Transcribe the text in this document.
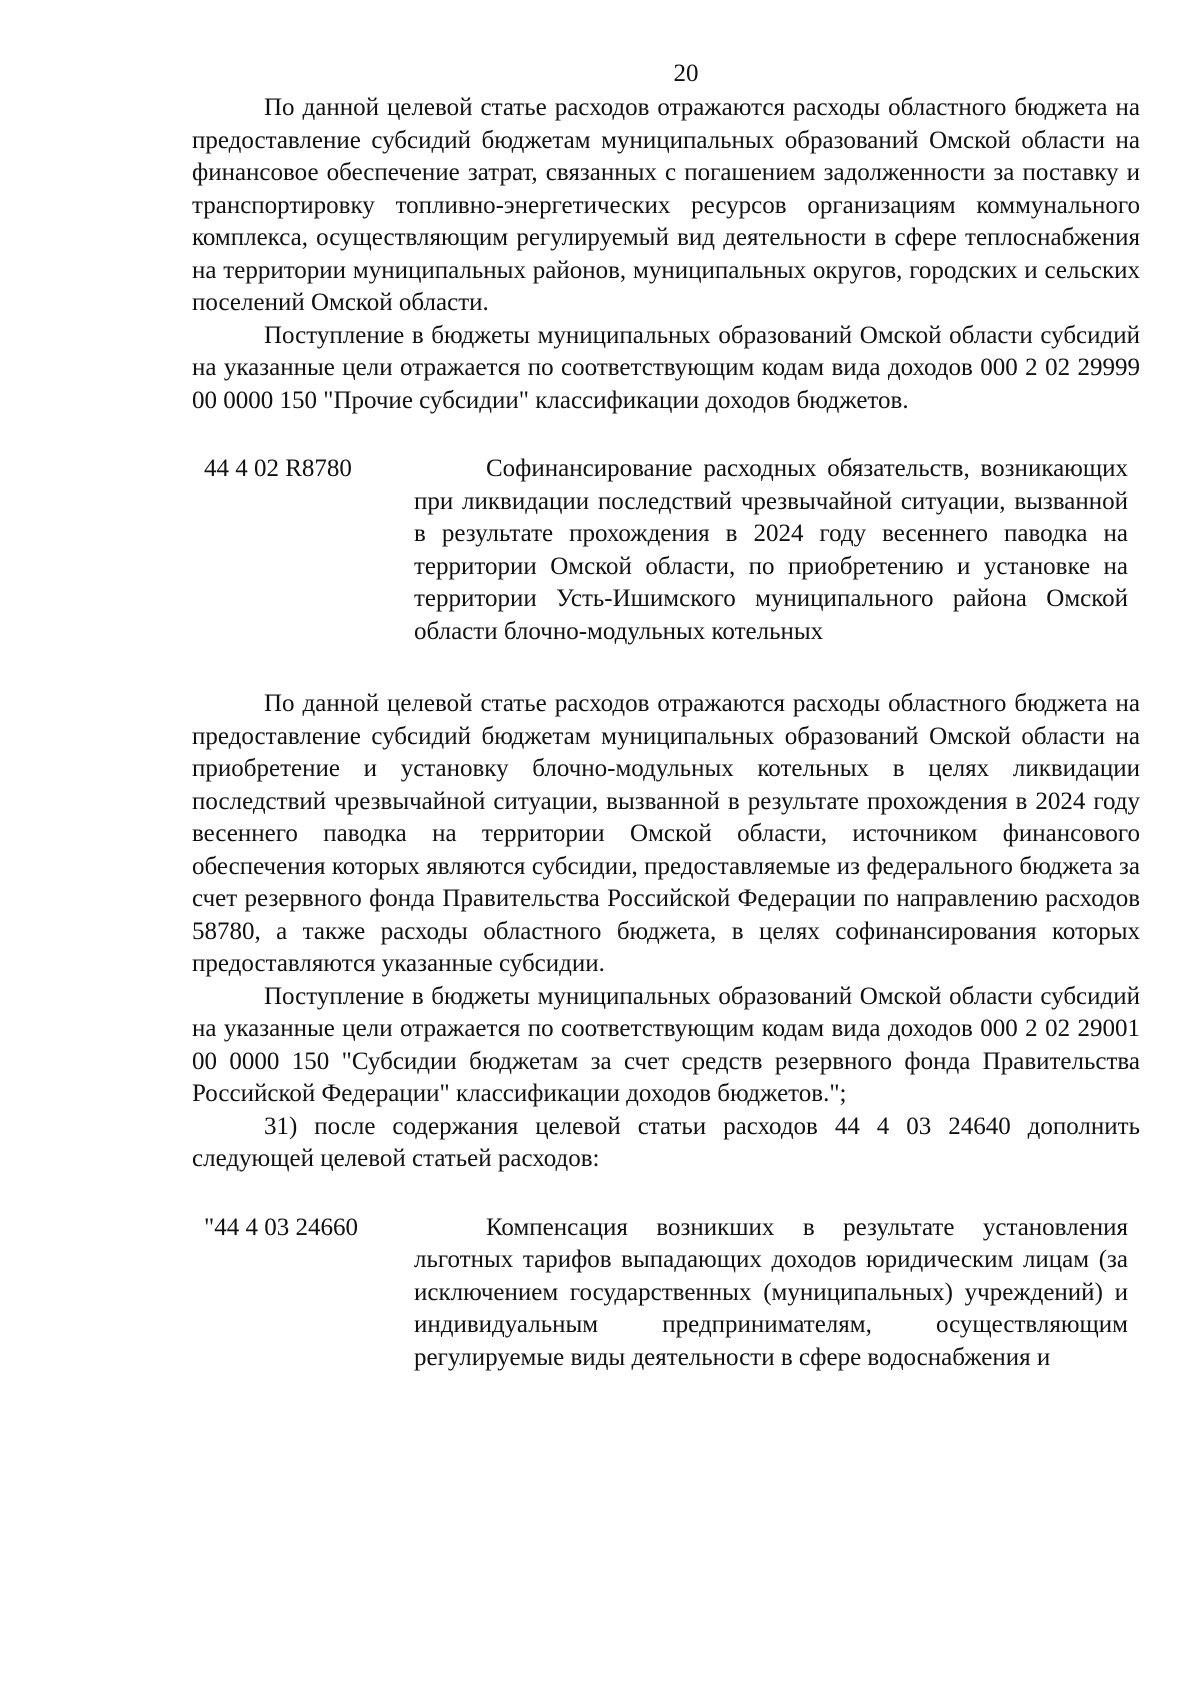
20

По данной целевой статье расходов отражаются расходы областного бюджета на предоставление субсидий бюджетам муниципальных образований Омской области на финансовое обеспечение затрат, связанных с погашением задолженности за поставку и транспортировку топливно-энергетических ресурсов организациям коммунального комплекса, осуществляющим регулируемый вид деятельности в сфере теплоснабжения на территории муниципальных районов, муниципальных округов, городских и сельских поселений Омской области.

Поступление в бюджеты муниципальных образований Омской области субсидий на указанные цели отражается по соответствующим кодам вида доходов 000 2 02 29999 00 0000 150 "Прочие субсидии" классификации доходов бюджетов.

44 4 02 R8780	Софинансирование расходных обязательств, возникающих при ликвидации последствий чрезвычайной ситуации, вызванной в результате прохождения в 2024 году весеннего паводка на территории Омской области, по приобретению и установке на территории Усть-Ишимского муниципального района Омской области блочно-модульных котельных

По данной целевой статье расходов отражаются расходы областного бюджета на предоставление субсидий бюджетам муниципальных образований Омской области на приобретение и установку блочно-модульных котельных в целях ликвидации последствий чрезвычайной ситуации, вызванной в результате прохождения в 2024 году весеннего паводка на территории Омской области, источником финансового обеспечения которых являются субсидии, предоставляемые из федерального бюджета за счет резервного фонда Правительства Российской Федерации по направлению расходов 58780, а также расходы областного бюджета, в целях софинансирования которых предоставляются указанные субсидии.

Поступление в бюджеты муниципальных образований Омской области субсидий на указанные цели отражается по соответствующим кодам вида доходов 000 2 02 29001 00 0000 150 "Субсидии бюджетам за счет средств резервного фонда Правительства Российской Федерации" классификации доходов бюджетов.";

31) после содержания целевой статьи расходов 44 4 03 24640 дополнить следующей целевой статьей расходов:

"44 4 03 24660	Компенсация возникших в результате установления льготных тарифов выпадающих доходов юридическим лицам (за исключением государственных (муниципальных) учреждений) и индивидуальным предпринимателям, осуществляющим регулируемые виды деятельности в сфере водоснабжения и
